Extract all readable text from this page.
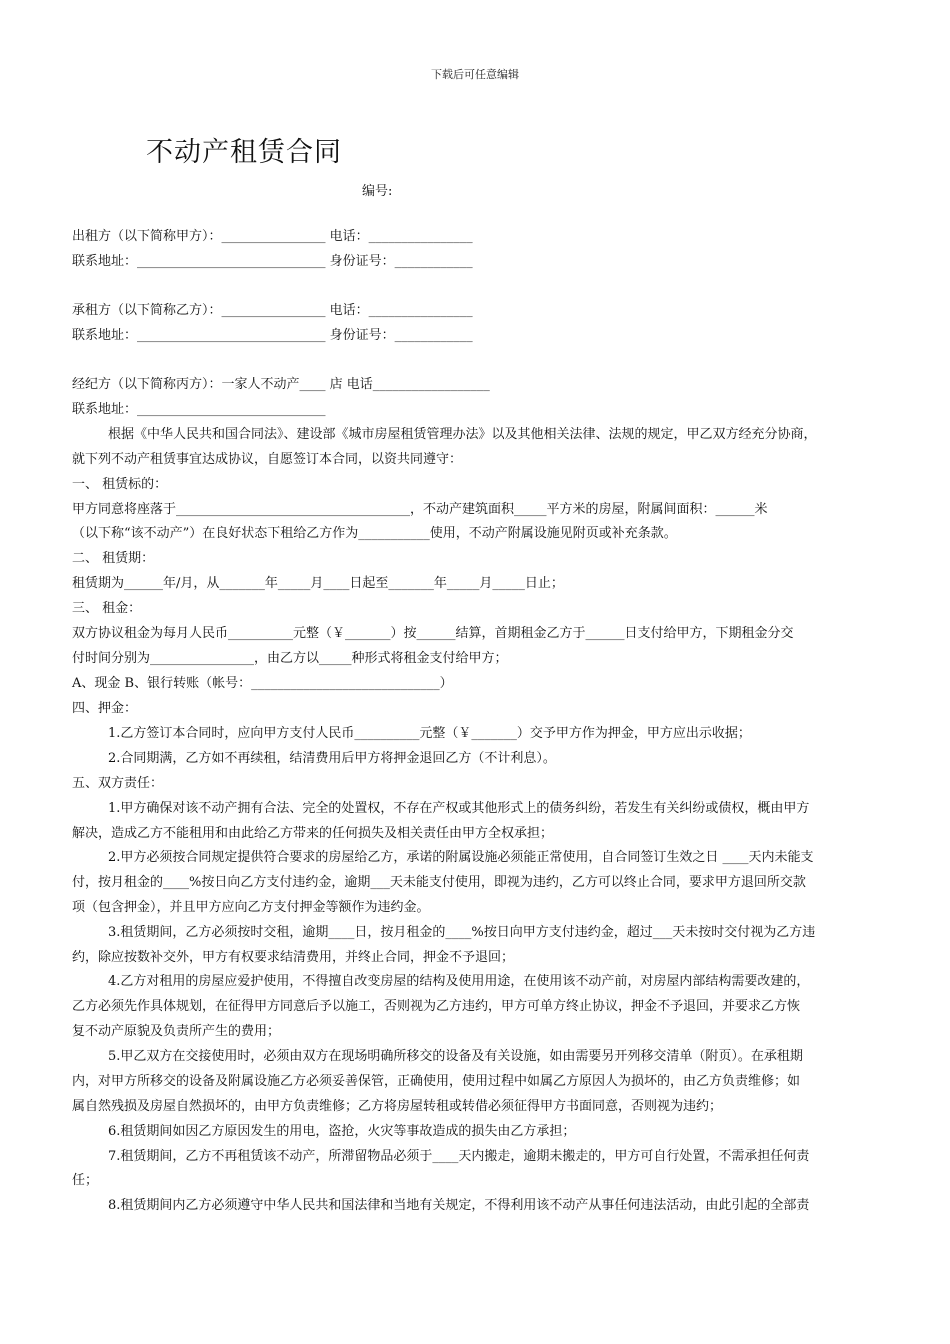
下载后可任意编辑
不动产租赁合同
编号:
出租方（以下简称甲方）：________________ 电话：________________
联系地址：_____________________________ 身份证号：____________
承租方（以下简称乙方）：________________ 电话：________________
联系地址：_____________________________ 身份证号：____________
经纪方（以下简称丙方）：一家人不动产____ 店 电话__________________
联系地址：_____________________________
根据《中华人民共和国合同法》、建设部《城市房屋租赁管理办法》以及其他相关法律、法规的规定，甲乙双方经充分协商，
就下列不动产租赁事宜达成协议，自愿签订本合同，以资共同遵守：
一、 租赁标的：
甲方同意将座落于____________________________________，不动产建筑面积_____平方米的房屋，附属间面积：______米
（以下称“该不动产”）在良好状态下租给乙方作为___________使用，不动产附属设施见附页或补充条款。
二、 租赁期：
租赁期为______年/月，从_______年_____月____日起至_______年_____月_____日止；
三、 租金：
双方协议租金为每月人民币__________元整（￥_______）按______结算，首期租金乙方于______日支付给甲方，下期租金分交
付时间分别为________________，由乙方以_____种形式将租金支付给甲方；
A、现金 B、银行转账（帐号：_____________________________）
四、押金：
1.乙方签订本合同时，应向甲方支付人民币__________元整（￥_______）交予甲方作为押金，甲方应出示收据；
2.合同期满，乙方如不再续租，结清费用后甲方将押金退回乙方（不计利息）。
五、双方责任：
1.甲方确保对该不动产拥有合法、完全的处置权，不存在产权或其他形式上的债务纠纷，若发生有关纠纷或债权，概由甲方
解决，造成乙方不能租用和由此给乙方带来的任何损失及相关责任由甲方全权承担；
2.甲方必须按合同规定提供符合要求的房屋给乙方，承诺的附属设施必须能正常使用，自合同签订生效之日 ____天内未能支
付，按月租金的____%按日向乙方支付违约金，逾期___天未能支付使用，即视为违约，乙方可以终止合同，要求甲方退回所交款
项（包含押金），并且甲方应向乙方支付押金等额作为违约金。
3.租赁期间，乙方必须按时交租，逾期____日，按月租金的____%按日向甲方支付违约金，超过___天未按时交付视为乙方违
约，除应按数补交外，甲方有权要求结清费用，并终止合同，押金不予退回；
4.乙方对租用的房屋应爱护使用，不得擅自改变房屋的结构及使用用途，在使用该不动产前，对房屋内部结构需要改建的，
乙方必须先作具体规划，在征得甲方同意后予以施工，否则视为乙方违约，甲方可单方终止协议，押金不予退回，并要求乙方恢
复不动产原貌及负责所产生的费用；
5.甲乙双方在交接使用时，必须由双方在现场明确所移交的设备及有关设施，如由需要另开列移交清单（附页）。在承租期
内，对甲方所移交的设备及附属设施乙方必须妥善保管，正确使用，使用过程中如属乙方原因人为损坏的，由乙方负责维修；如
属自然残损及房屋自然损坏的，由甲方负责维修；乙方将房屋转租或转借必须征得甲方书面同意，否则视为违约；
6.租赁期间如因乙方原因发生的用电，盗抢，火灾等事故造成的损失由乙方承担；
7.租赁期间，乙方不再租赁该不动产，所滞留物品必须于____天内搬走，逾期未搬走的，甲方可自行处置，不需承担任何责
任；
8.租赁期间内乙方必须遵守中华人民共和国法律和当地有关规定，不得利用该不动产从事任何违法活动，由此引起的全部责
